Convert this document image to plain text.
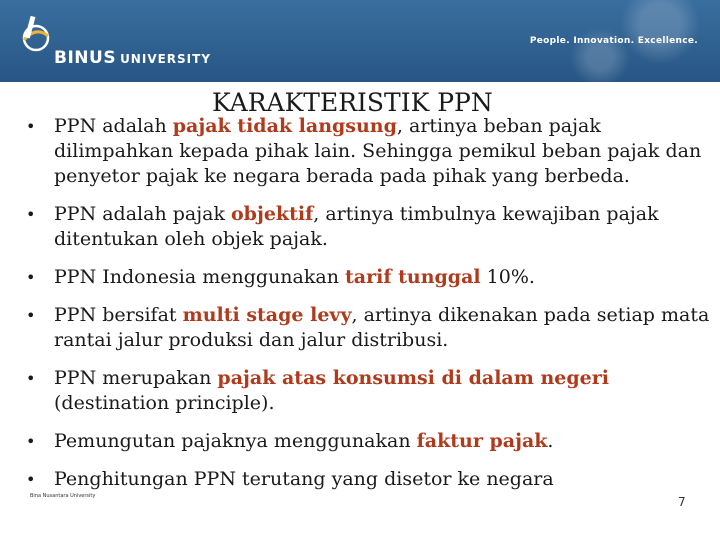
BINUS UNIVERSITY
People. Innovation. Excellence.
KARAKTERISTIK PPN
• PPN adalah pajak tidak langsung, artinya beban pajak dilimpahkan kepada pihak lain. Sehingga pemikul beban pajak dan penyetor pajak ke negara berada pada pihak yang berbeda.
• PPN adalah pajak objektif, artinya timbulnya kewajiban pajak ditentukan oleh objek pajak.
• PPN Indonesia menggunakan tarif tunggal 10%.
• PPN bersifat multi stage levy, artinya dikenakan pada setiap mata rantai jalur produksi dan jalur distribusi.
• PPN merupakan pajak atas konsumsi di dalam negeri (destination principle).
• Pemungutan pajaknya menggunakan faktur pajak.
• Penghitungan PPN terutang yang disetor ke negara
Bina Nusantara University	7
